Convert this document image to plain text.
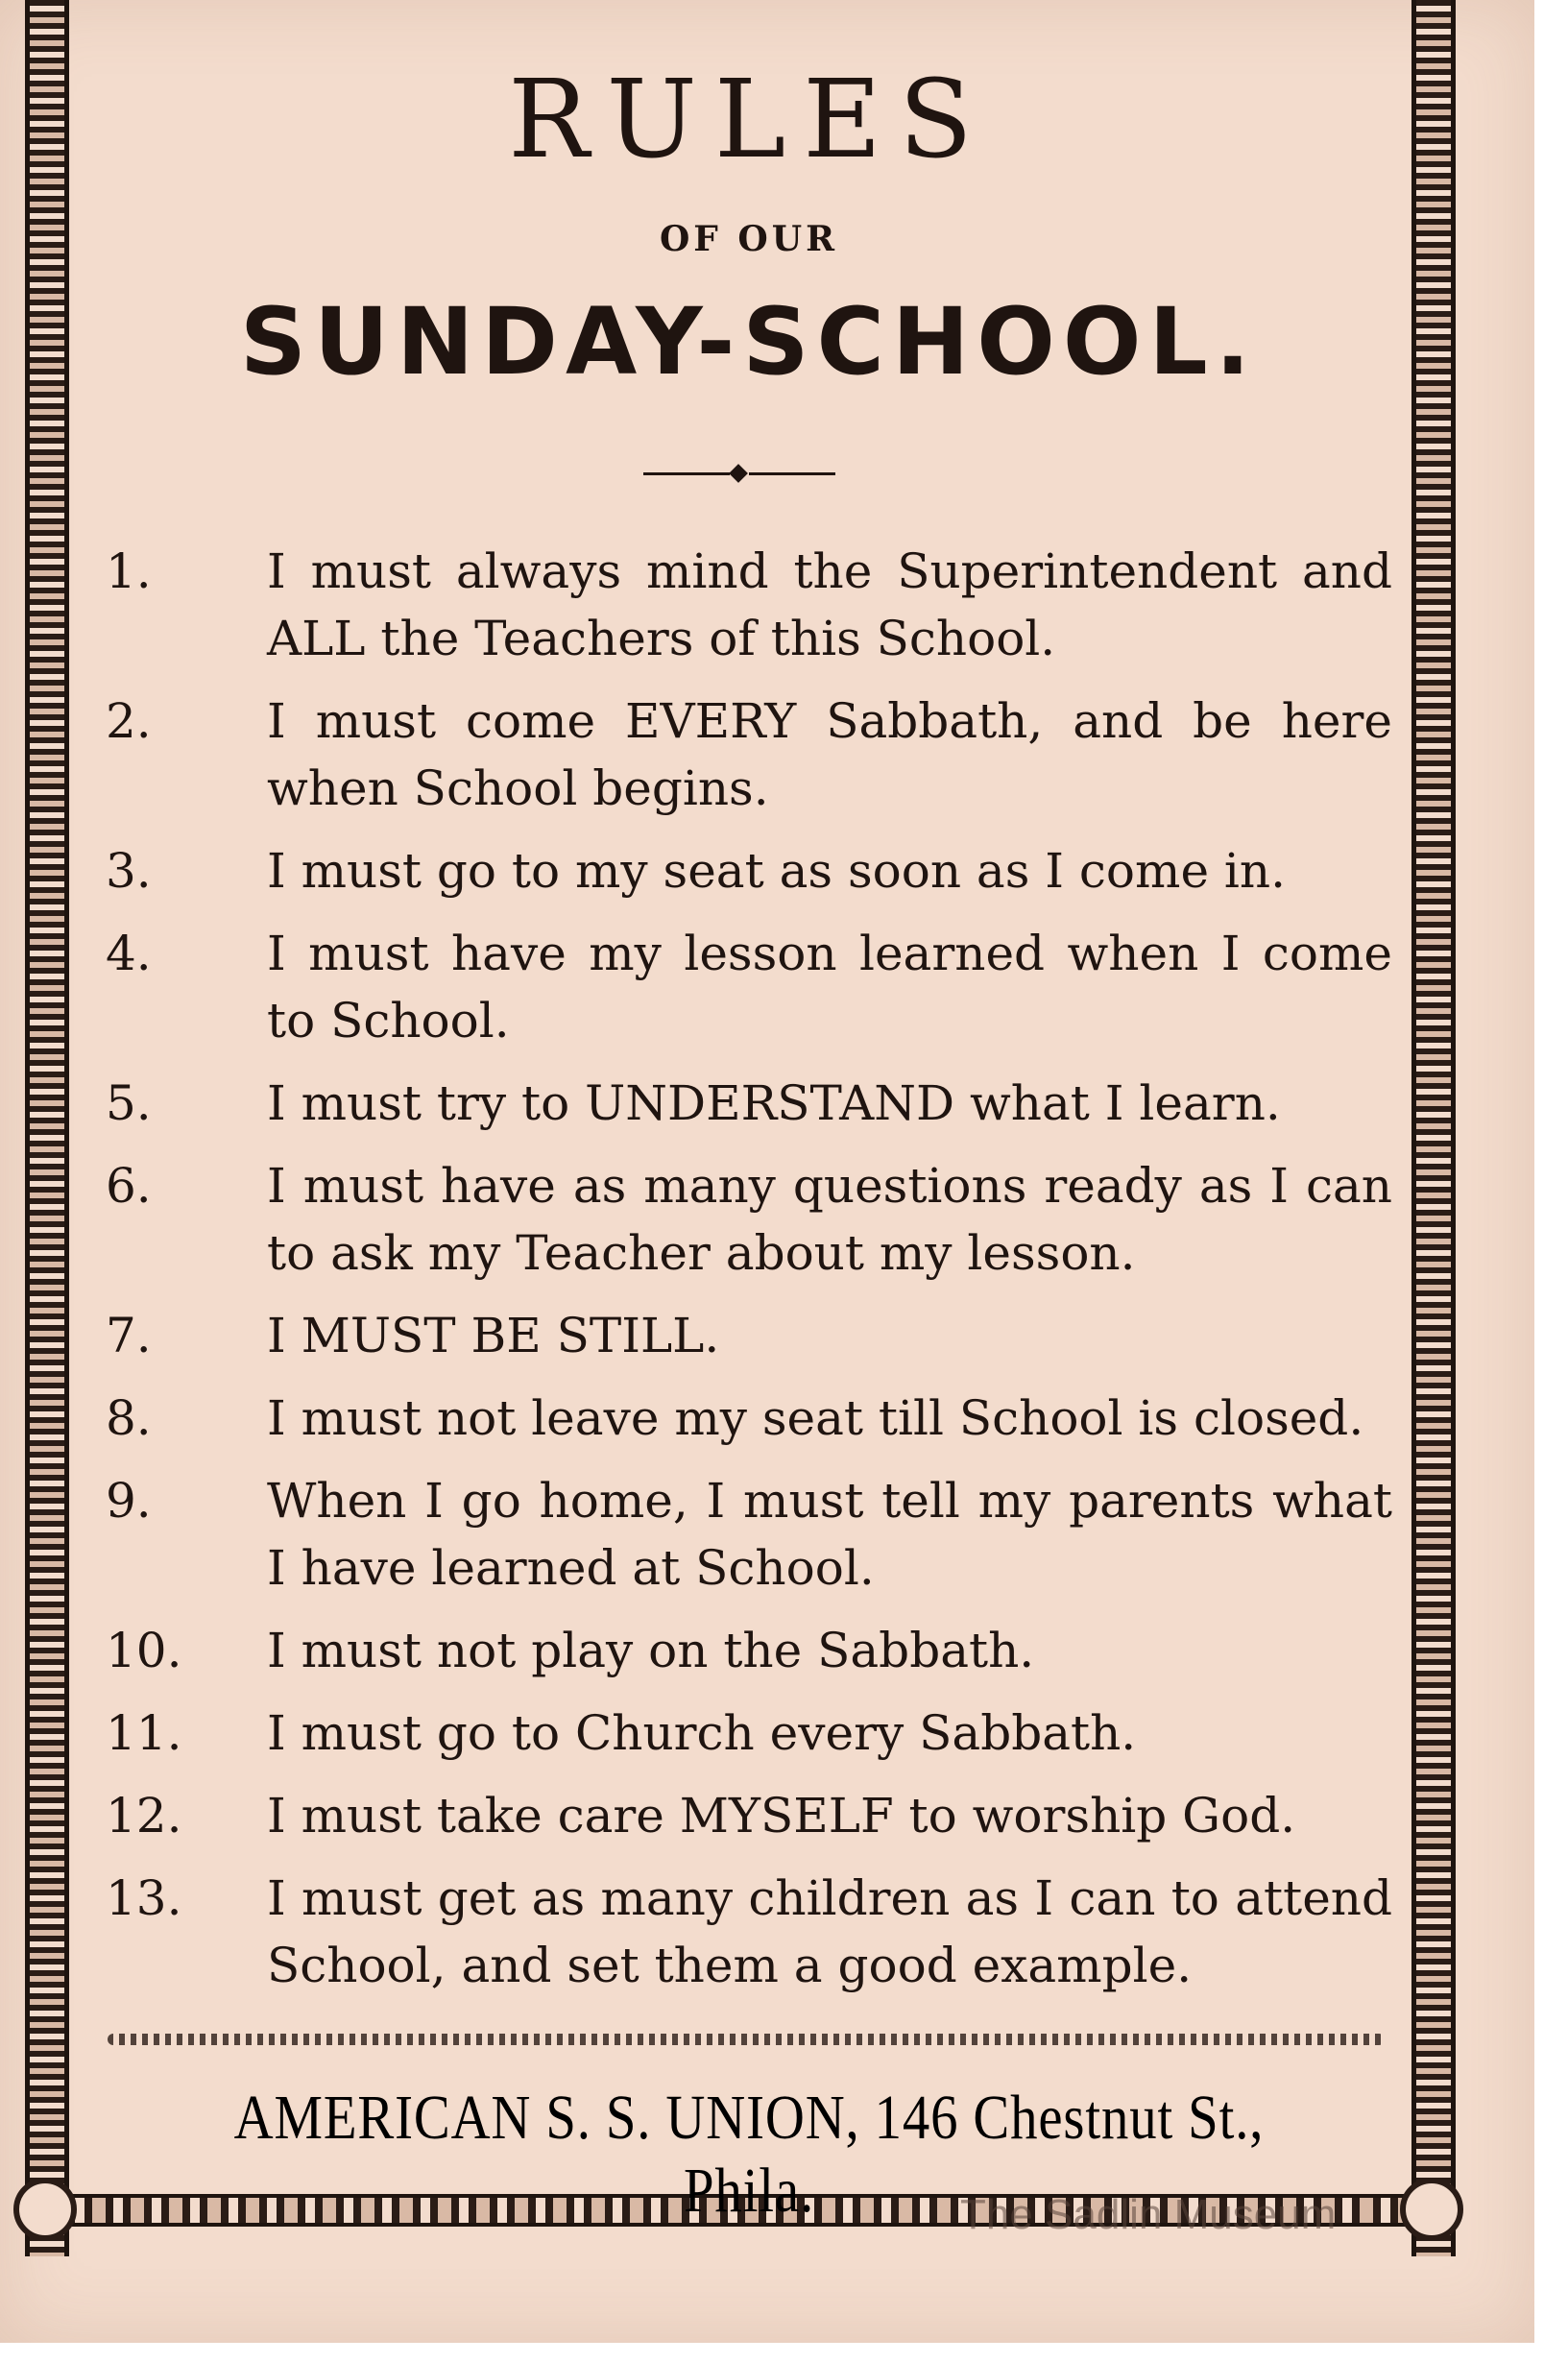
RULES
OF OUR
SUNDAY-SCHOOL.
1.	I must always mind the Superintendent and ALL the Teachers of this School.
2.	I must come EVERY Sabbath, and be here when School begins.
3.	I must go to my seat as soon as I come in.
4.	I must have my lesson learned when I come to School.
5.	I must try to UNDERSTAND what I learn.
6.	I must have as many questions ready as I can to ask my Teacher about my lesson.
7.	I MUST BE STILL.
8.	I must not leave my seat till School is closed.
9.	When I go home, I must tell my parents what I have learned at School.
10.	I must not play on the Sabbath.
11.	I must go to Church every Sabbath.
12.	I must take care MYSELF to worship God.
13.	I must get as many children as I can to attend School, and set them a good example.
AMERICAN S. S. UNION, 146 Chestnut St., Phila.	The Sadlin Museum
